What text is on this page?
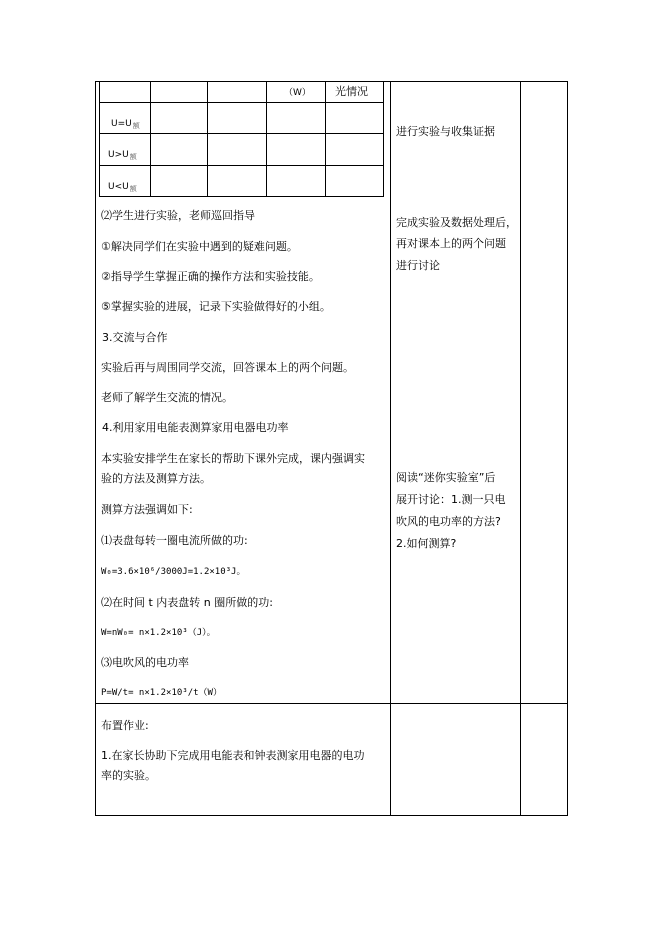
（W） 光情况
$U=U_额$
$U>U_额$
$U<U_额$
⑵学生进行实验，老师巡回指导
①解决同学们在实验中遇到的疑难问题。
②指导学生掌握正确的操作方法和实验技能。
⑤掌握实验的进展，记录下实验做得好的小组。
3.交流与合作
实验后再与周围同学交流，回答课本上的两个问题。
老师了解学生交流的情况。
4.利用家用电能表测算家用电器电功率
本实验安排学生在家长的帮助下课外完成，课内强调实
验的方法及测算方法。
测算方法强调如下:
⑴表盘每转一圈电流所做的功:
W₀=3.6×10⁶/3000J=1.2×10³J。
⑵在时间 t 内表盘转 n 圈所做的功:
W=nW₀= n×1.2×10³（J）。
⑶电吹风的电功率
P=W/t= n×1.2×10³/t（W）
进行实验与收集证据
完成实验及数据处理后，
再对课本上的两个问题
进行讨论
阅读“迷你实验室”后
展开讨论：1.测一只电
吹风的电功率的方法?
2.如何测算?
布置作业:
1.在家长协助下完成用电能表和钟表测家用电器的电功
率的实验。
